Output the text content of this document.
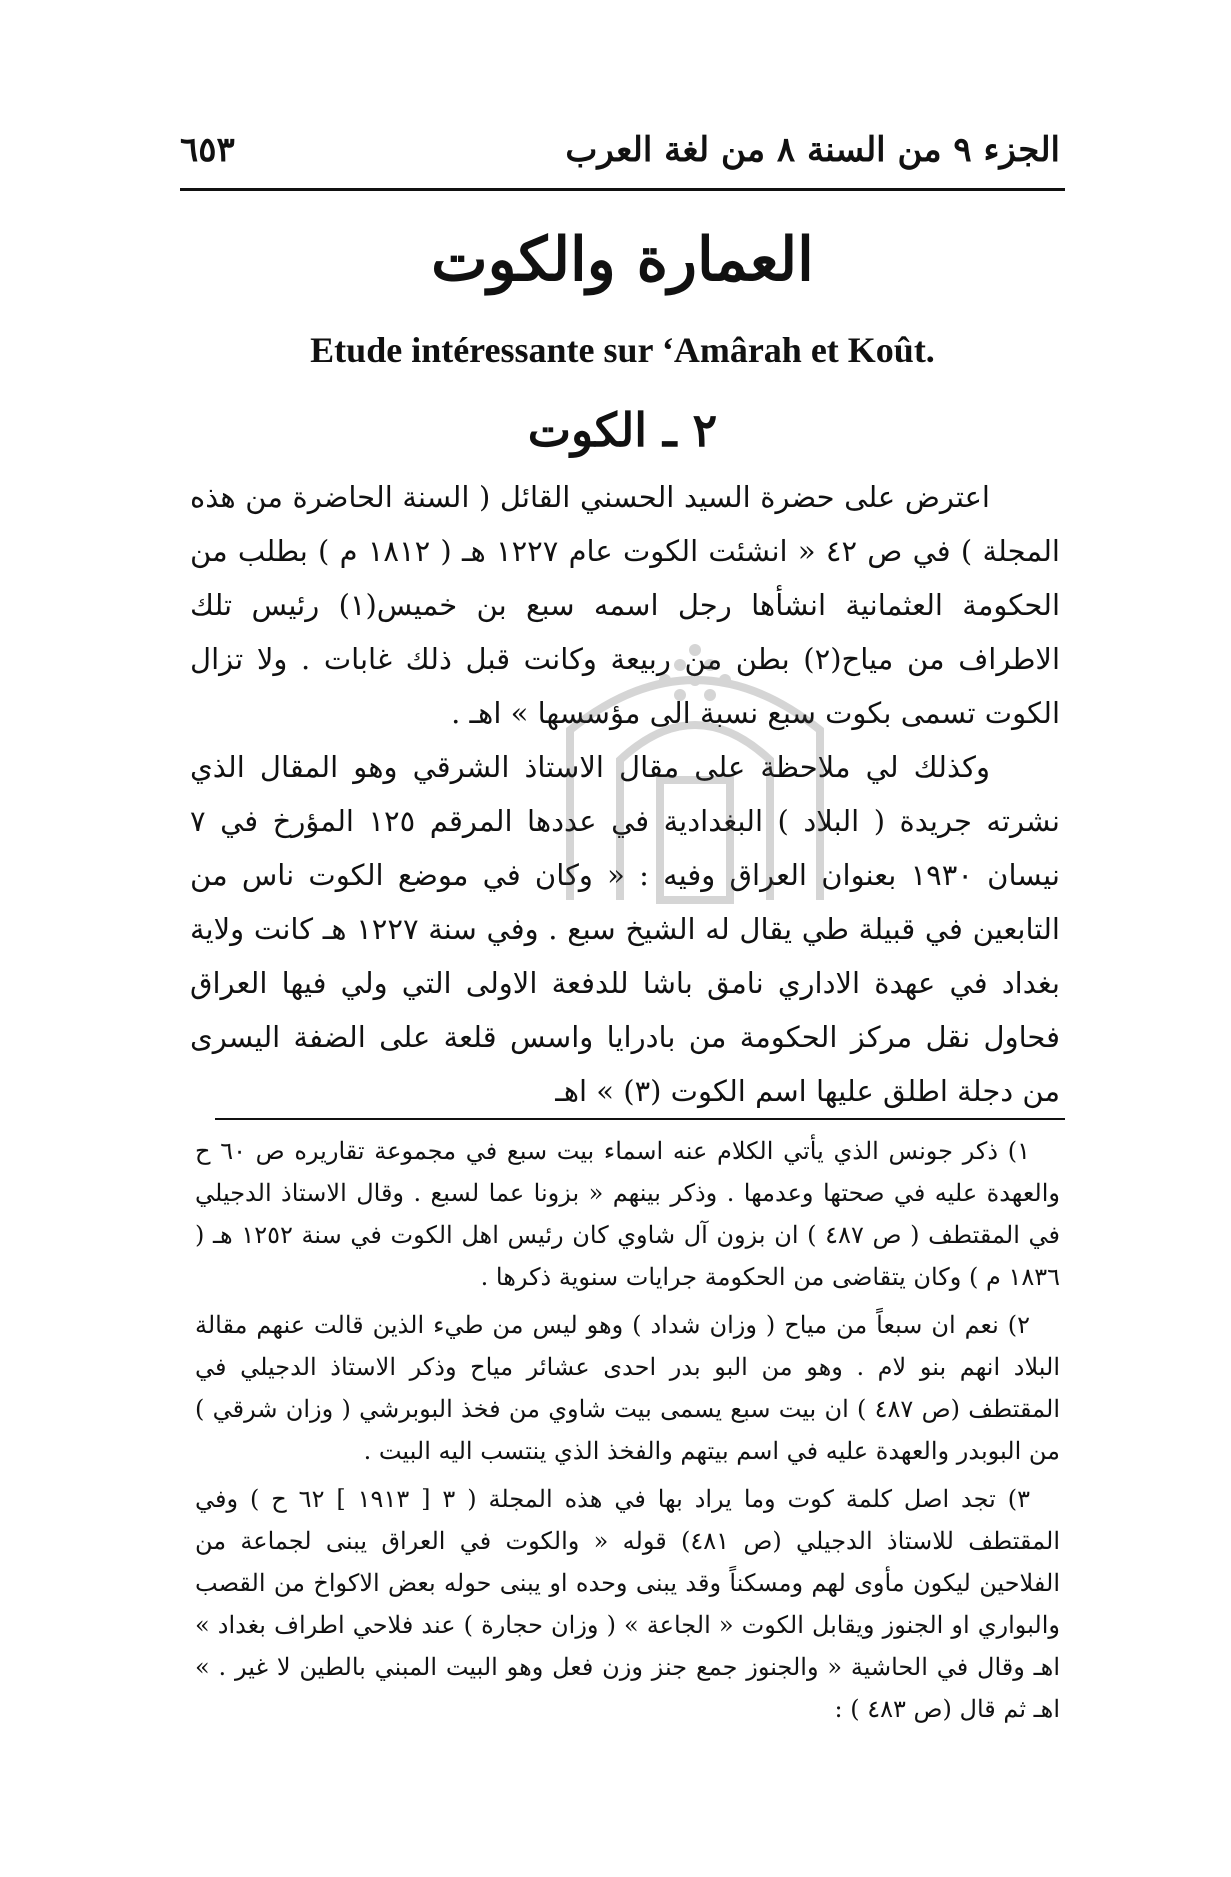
الجزء ٩ من السنة ٨ من لغة العرب
٦٥٣
العمارة والكوت
Etude intéressante sur ‘Amârah et Koût.
٢ ـ الكوت

اعترض على حضرة السيد الحسني القائل ( السنة الحاضرة من هذه المجلة ) في ص ٤٢ « انشئت الكوت عام ١٢٢٧ هـ ( ١٨١٢ م ) بطلب من الحكومة العثمانية انشأها رجل اسمه سبع بن خميس(١) رئيس تلك الاطراف من مياح(٢) بطن من ربيعة وكانت قبل ذلك غابات . ولا تزال الكوت تسمى بكوت سبع نسبة الى مؤسسها » اهـ .

وكذلك لي ملاحظة على مقال الاستاذ الشرقي وهو المقال الذي نشرته جريدة ( البلاد ) البغدادية في عددها المرقم ١٢٥ المؤرخ في ٧ نيسان ١٩٣٠ بعنوان العراق وفيه : « وكان في موضع الكوت ناس من التابعين في قبيلة طي يقال له الشيخ سبع . وفي سنة ١٢٢٧ هـ كانت ولاية بغداد في عهدة الاداري نامق باشا للدفعة الاولى التي ولي فيها العراق فحاول نقل مركز الحكومة من بادرايا واسس قلعة على الضفة اليسرى من دجلة اطلق عليها اسم الكوت (٣) » اهـ

١) ذكر جونس الذي يأتي الكلام عنه اسماء بيت سبع في مجموعة تقاريره ص ٦٠ ح والعهدة عليه في صحتها وعدمها . وذكر بينهم « بزونا عما لسبع . وقال الاستاذ الدجيلي في المقتطف ( ص ٤٨٧ ) ان بزون آل شاوي كان رئيس اهل الكوت في سنة ١٢٥٢ هـ ( ١٨٣٦ م ) وكان يتقاضى من الحكومة جرايات سنوية ذكرها .

٢) نعم ان سبعاً من مياح ( وزان شداد ) وهو ليس من طيء الذين قالت عنهم مقالة البلاد انهم بنو لام . وهو من البو بدر احدى عشائر مياح وذكر الاستاذ الدجيلي في المقتطف (ص ٤٨٧ ) ان بيت سبع يسمى بيت شاوي من فخذ البوبرشي ( وزان شرقي ) من البوبدر والعهدة عليه في اسم بيتهم والفخذ الذي ينتسب اليه البيت .

٣) تجد اصل كلمة كوت وما يراد بها في هذه المجلة ( ٣ [ ١٩١٣ ] ٦٢ ح ) وفي المقتطف للاستاذ الدجيلي (ص ٤٨١) قوله « والكوت في العراق يبنى لجماعة من الفلاحين ليكون مأوى لهم ومسكناً وقد يبنى وحده او يبنى حوله بعض الاكواخ من القصب والبواري او الجنوز ويقابل الكوت « الجاعة » ( وزان حجارة ) عند فلاحي اطراف بغداد » اهـ وقال في الحاشية « والجنوز جمع جنز وزن فعل وهو البيت المبني بالطين لا غير . » اهـ ثم قال (ص ٤٨٣ ) :
